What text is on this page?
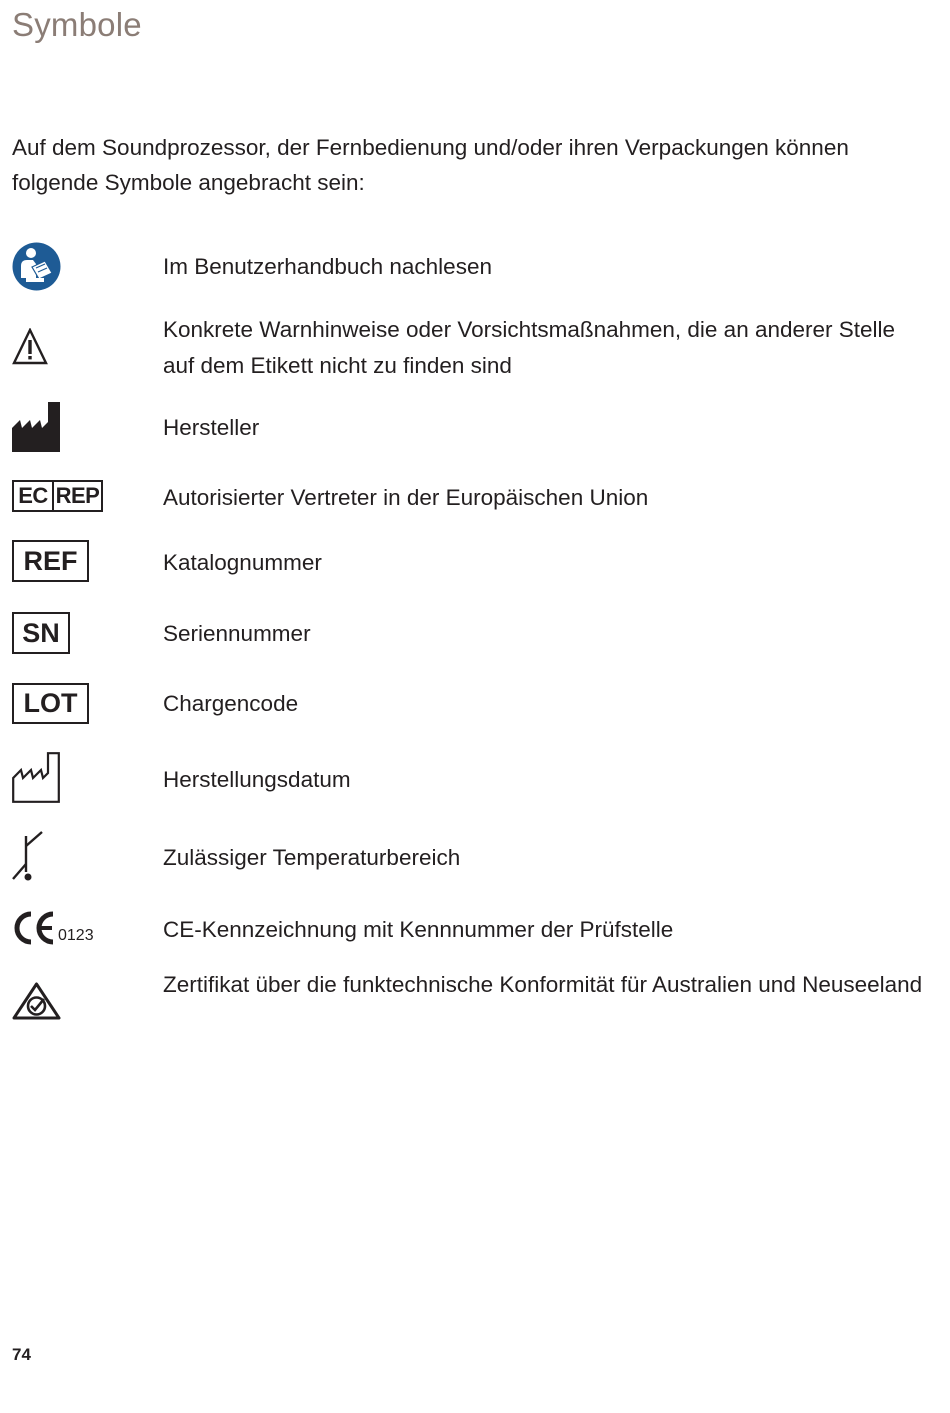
Symbole
Auf dem Soundprozessor, der Fernbedienung und/oder ihren Verpackungen können folgende Symbole angebracht sein:
Im Benutzerhandbuch nachlesen
Konkrete Warnhinweise oder Vorsichtsmaßnahmen, die an anderer Stelle auf dem Etikett nicht zu finden sind
Hersteller
EC REP	Autorisierter Vertreter in der Europäischen Union
REF	Katalognummer
SN	Seriennummer
LOT	Chargencode
Herstellungsdatum
Zulässiger Temperaturbereich
0123	CE-Kennzeichnung mit Kennnummer der Prüfstelle
Zertifikat über die funktechnische Konformität für Australien und Neuseeland
74
